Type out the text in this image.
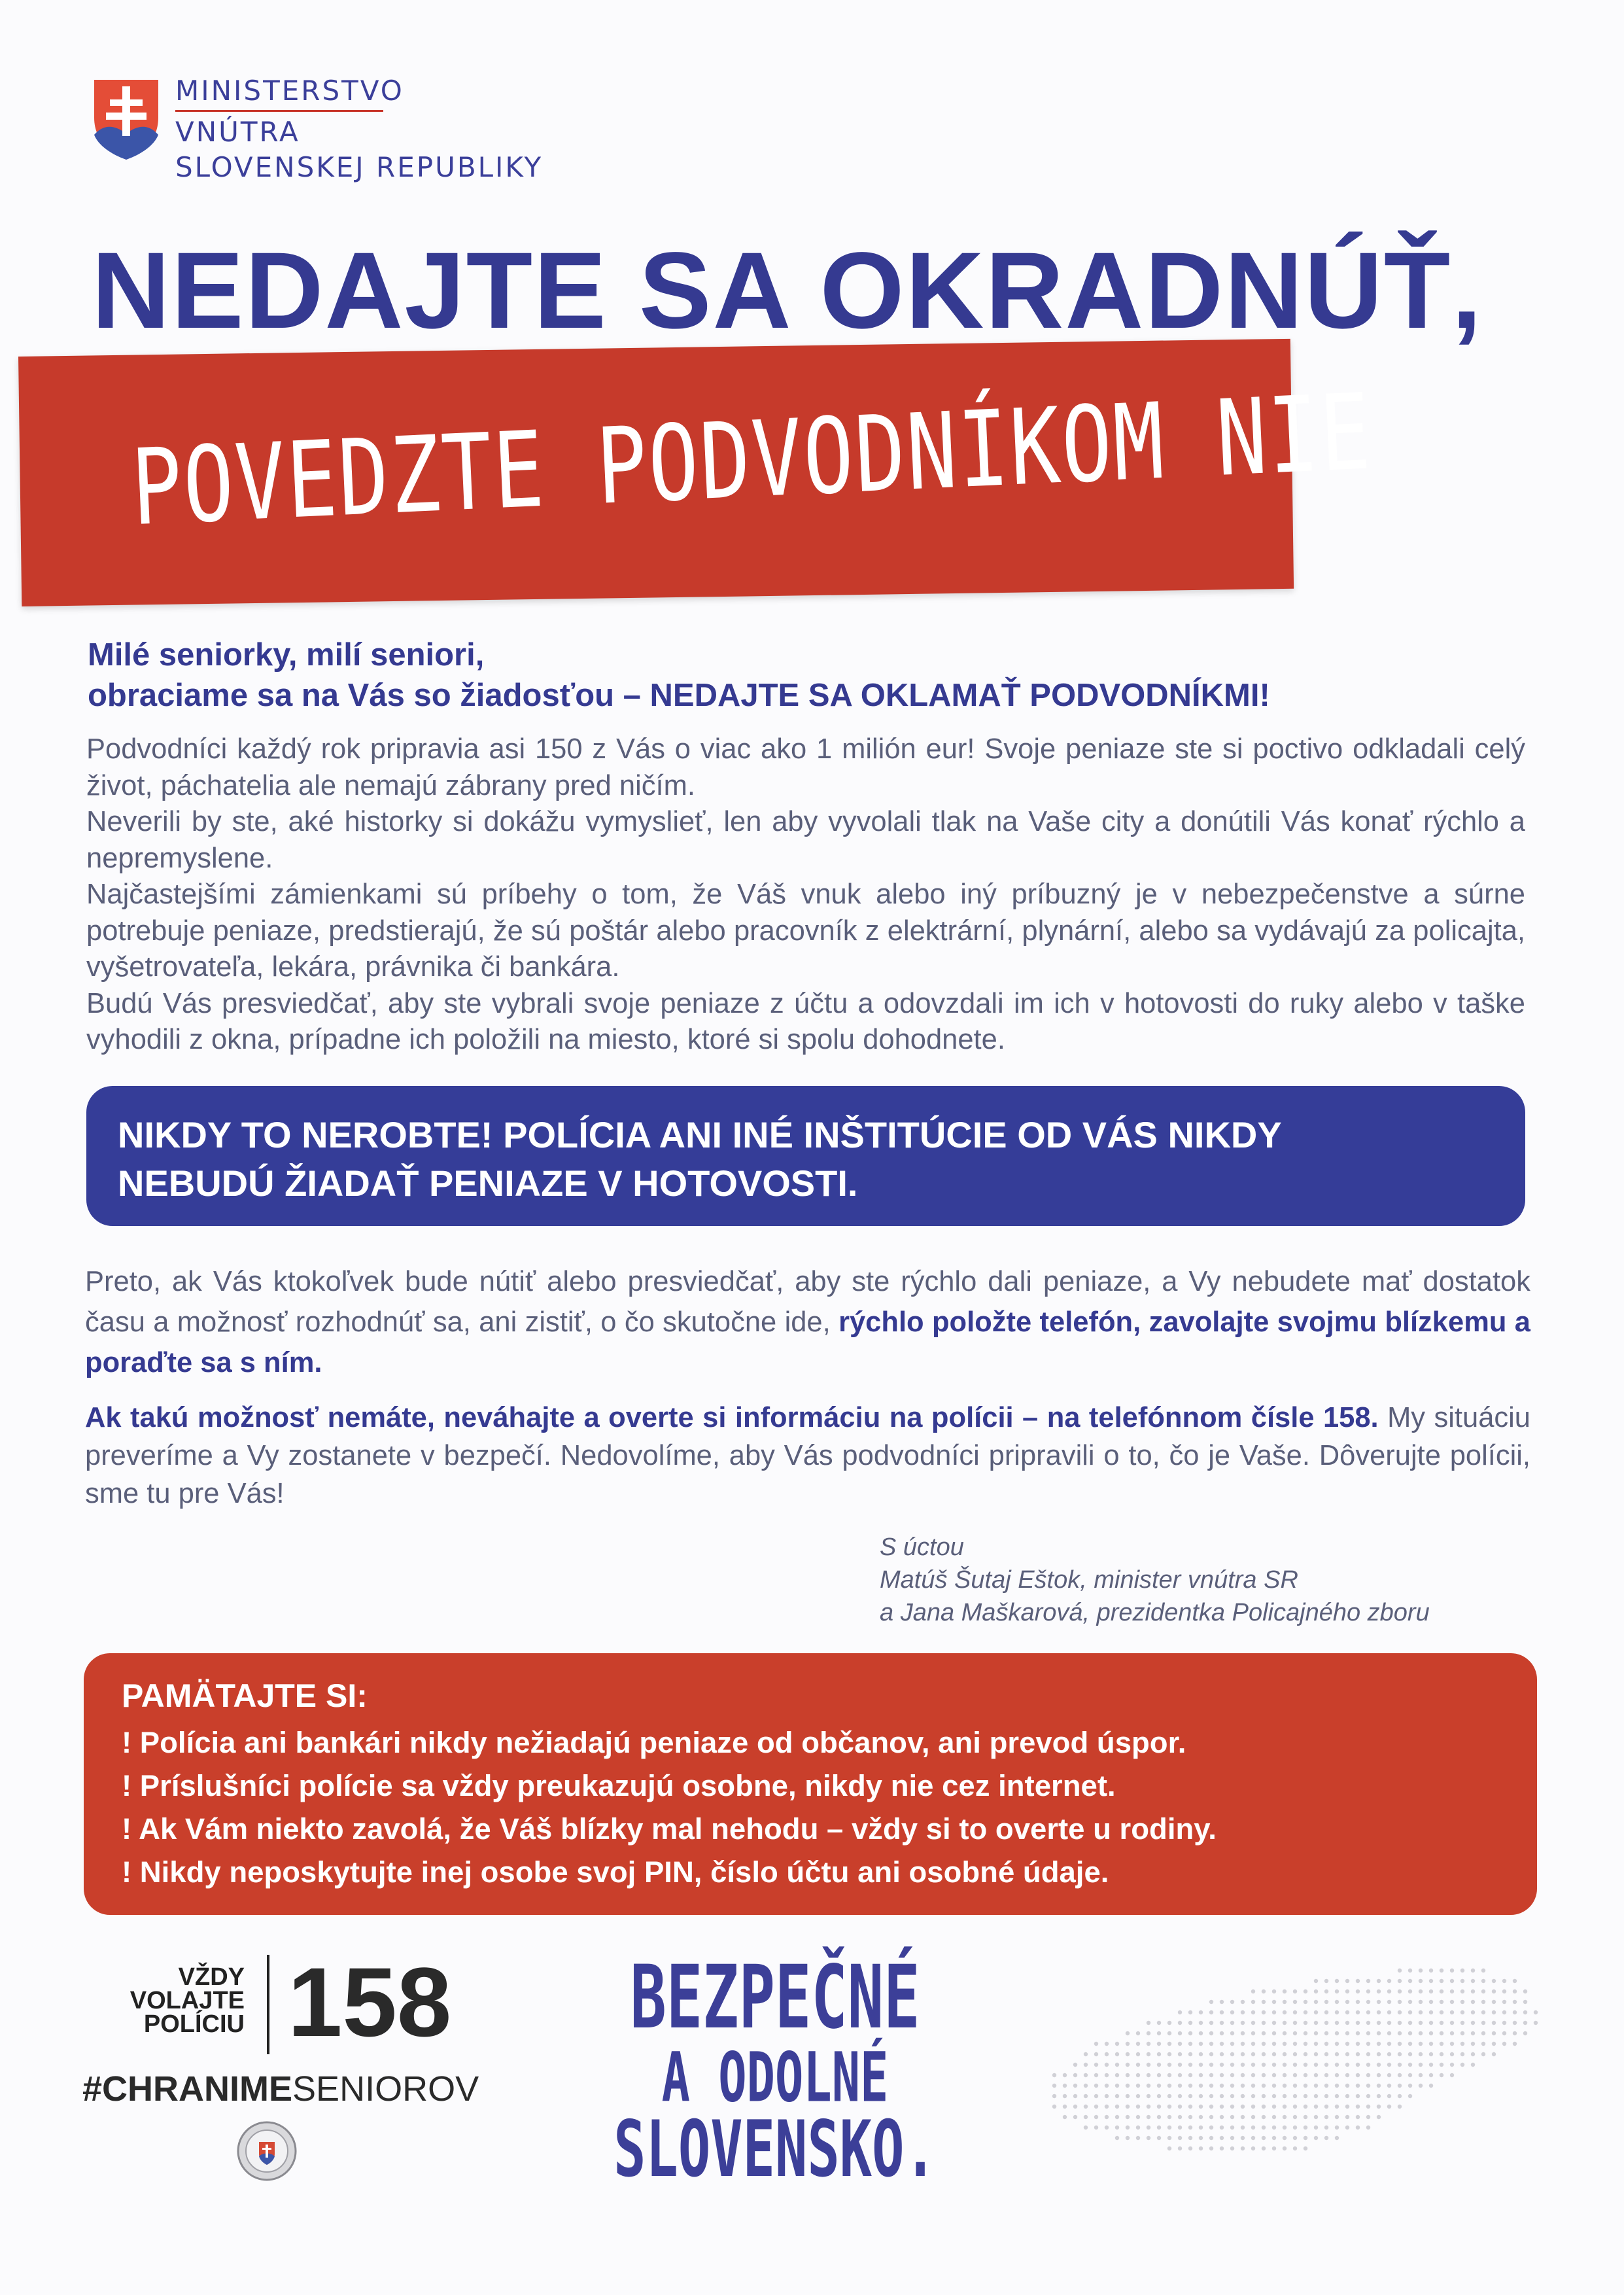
MINISTERSTVO
VNÚTRA
SLOVENSKEJ REPUBLIKY
NEDAJTE SA OKRADNÚŤ,
POVEDZTE PODVODNÍKOM NIE
Milé seniorky, milí seniori,
obraciame sa na Vás so žiadosťou – NEDAJTE SA OKLAMAŤ PODVODNÍKMI!

Podvodníci každý rok pripravia asi 150 z Vás o viac ako 1 milión eur! Svoje peniaze ste si poctivo odkladali celý život, páchatelia ale nemajú zábrany pred ničím.

Neverili by ste, aké historky si dokážu vymyslieť, len aby vyvolali tlak na Vaše city a donútili Vás konať rýchlo a nepremyslene.

Najčastejšími zámienkami sú príbehy o tom, že Váš vnuk alebo iný príbuzný je v nebezpečenstve a súrne potrebuje peniaze, predstierajú, že sú poštár alebo pracovník z elektrární, plynární, alebo sa vydávajú za policajta, vyšetrovateľa, lekára, právnika či bankára.

Budú Vás presviedčať, aby ste vybrali svoje peniaze z účtu a odovzdali im ich v hotovosti do ruky alebo v taške vyhodili z okna, prípadne ich položili na miesto, ktoré si spolu dohodnete.

NIKDY TO NEROBTE! POLÍCIA ANI INÉ INŠTITÚCIE OD VÁS NIKDY
NEBUDÚ ŽIADAŤ PENIAZE V HOTOVOSTI.
Preto, ak Vás ktokoľvek bude nútiť alebo presviedčať, aby ste rýchlo dali peniaze, a Vy nebudete mať dostatok času a možnosť rozhodnúť sa, ani zistiť, o čo skutočne ide, rýchlo položte telefón, zavolajte svojmu blízkemu a poraďte sa s ním.
Ak takú možnosť nemáte, neváhajte a overte si informáciu na polícii – na telefónnom čísle 158. My situáciu preveríme a Vy zostanete v bezpečí. Nedovolíme, aby Vás podvodníci pripravili o to, čo je Vaše. Dôverujte polícii, sme tu pre Vás!
S úctou
Matúš Šutaj Eštok, minister vnútra SR
a Jana Maškarová, prezidentka Policajného zboru
PAMÄTAJTE SI:
! Polícia ani bankári nikdy nežiadajú peniaze od občanov, ani prevod úspor.
! Príslušníci polície sa vždy preukazujú osobne, nikdy nie cez internet.
! Ak Vám niekto zavolá, že Váš blízky mal nehodu – vždy si to overte u rodiny.
! Nikdy neposkytujte inej osobe svoj PIN, číslo účtu ani osobné údaje.
VŽDY
VOLAJTE
POLÍCIU 158
#CHRANIMESENIOROV
BEZPEČNÉ
A ODOLNÉ
SLOVENSKO.
